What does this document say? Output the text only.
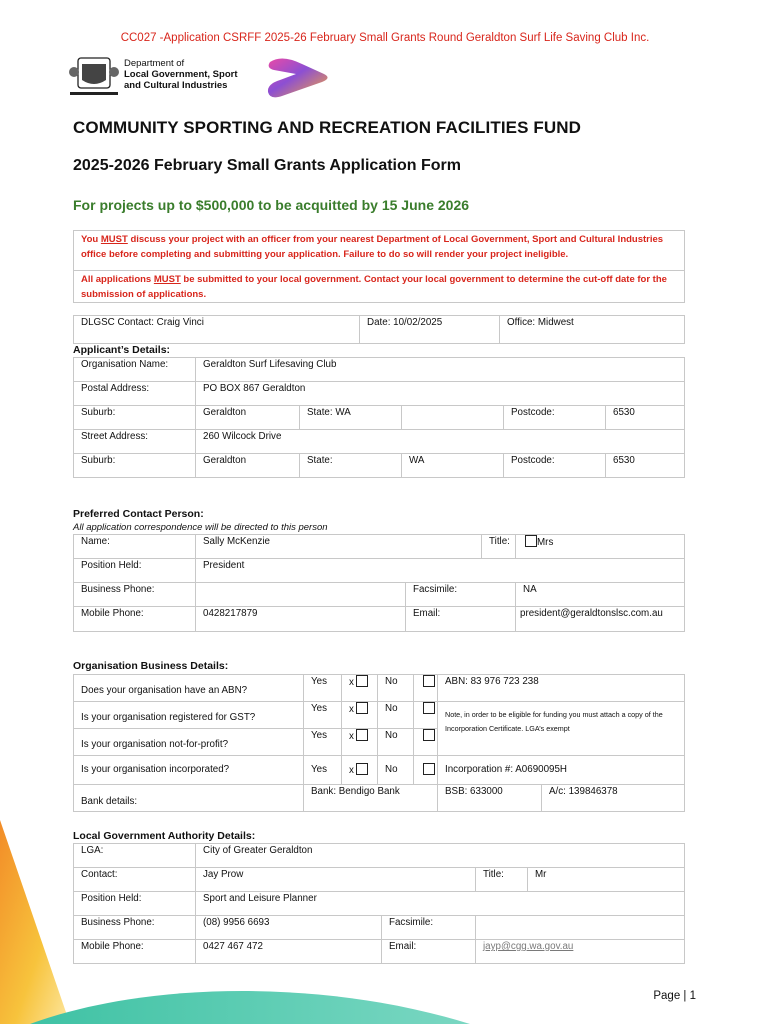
CC027 -Application CSRFF 2025-26 February Small Grants Round Geraldton Surf Life Saving Club Inc.
Department of
Local Government, Sport
and Cultural Industries
COMMUNITY SPORTING AND RECREATION FACILITIES FUND
2025-2026 February Small Grants Application Form
For projects up to $500,000 to be acquitted by 15 June 2026
You MUST discuss your project with an officer from your nearest Department of Local Government, Sport and Cultural Industries office before completing and submitting your application. Failure to do so will render your project ineligible.
All applications MUST be submitted to your local government. Contact your local government to determine the cut-off date for the submission of applications.
DLGSC Contact: Craig Vinci	Date: 10/02/2025	Office: Midwest
Applicant’s Details:
Organisation Name:	Geraldton Surf Lifesaving Club				
Postal Address:	PO BOX 867 Geraldton				
Suburb:	Geraldton	State: WA		Postcode:	6530
Street Address:	260 Wilcock Drive				
Suburb:	Geraldton	State:	WA	Postcode:	6530
Preferred Contact Person:
All application correspondence will be directed to this person
Name:	Sally McKenzie		Title:	Mrs
Position Held:	President			
Business Phone:		Facsimile:		NA
Mobile Phone:	0428217879	Email:		president@geraldtonslsc.com.au
Organisation Business Details:
Does your organisation have an ABN?	Yes	x	No		ABN: 83 976 723 238	
Is your organisation registered for GST?	Yes	x	No		Note, in order to be eligible for funding you must attach a copy of the Incorporation Certificate. LGA’s exempt	
Is your organisation not-for-profit?	Yes	x	No			
Is your organisation incorporated?	Yes	x	No		Incorporation #: A0690095H	
Bank details:	Bank: Bendigo Bank				BSB: 633000	A/c: 139846378
Local Government Authority Details:
LGA:	City of Greater Geraldton			
Contact:	Jay Prow		Title:	Mr
Position Held:	Sport and Leisure Planner			
Business Phone:	(08) 9956 6693	Facsimile:		
Mobile Phone:	0427 467 472	Email:	jayp@cgg.wa.gov.au	
Page | 1
